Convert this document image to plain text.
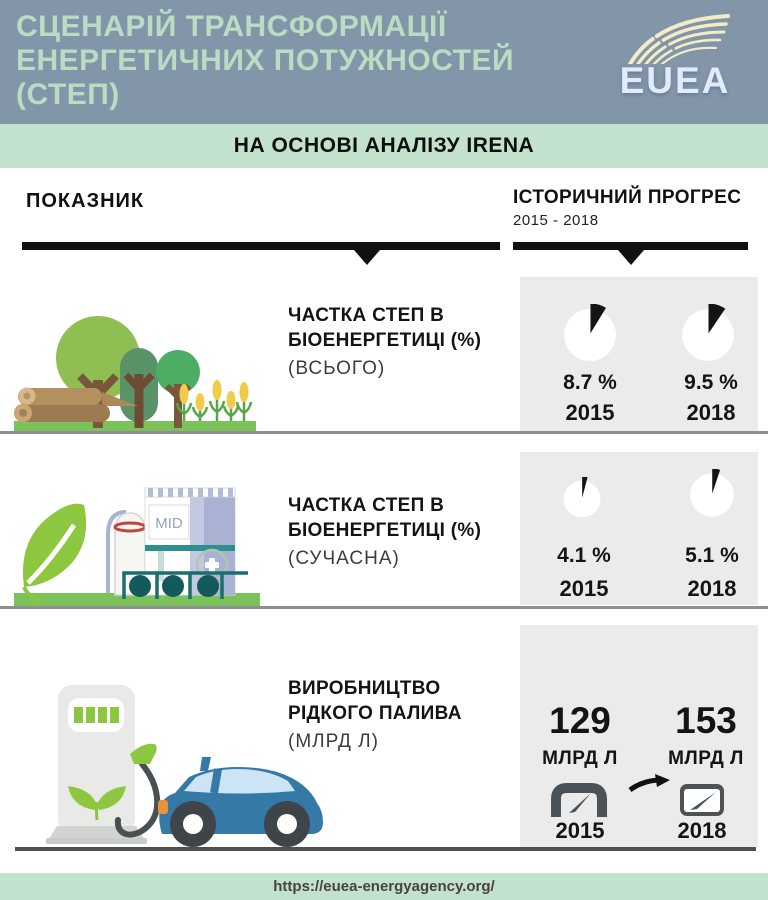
СЦЕНАРІЙ ТРАНСФОРМАЦІЇ
ЕНЕРГЕТИЧНИХ ПОТУЖНОСТЕЙ
(СТЕП)	EUEA
НА ОСНОВІ АНАЛІЗУ IRENA
ПОКАЗНИК	ІСТОРИЧНИЙ ПРОГРЕС
2015 - 2018
ЧАСТКА СТЕП В
БІОЕНЕРГЕТИЦІ (%)
(ВСЬОГО)
8.7 %	9.5 %
2015	2018
MID
ЧАСТКА СТЕП В
БІОЕНЕРГЕТИЦІ (%)
(СУЧАСНА)	4.1 %	5.1 %
2015	2018
ВИРОБНИЦТВО
РІДКОГО ПАЛИВА
(МЛРД Л)
129	153
МЛРД Л	МЛРД Л
2015	2018
https://euea-energyagency.org/
